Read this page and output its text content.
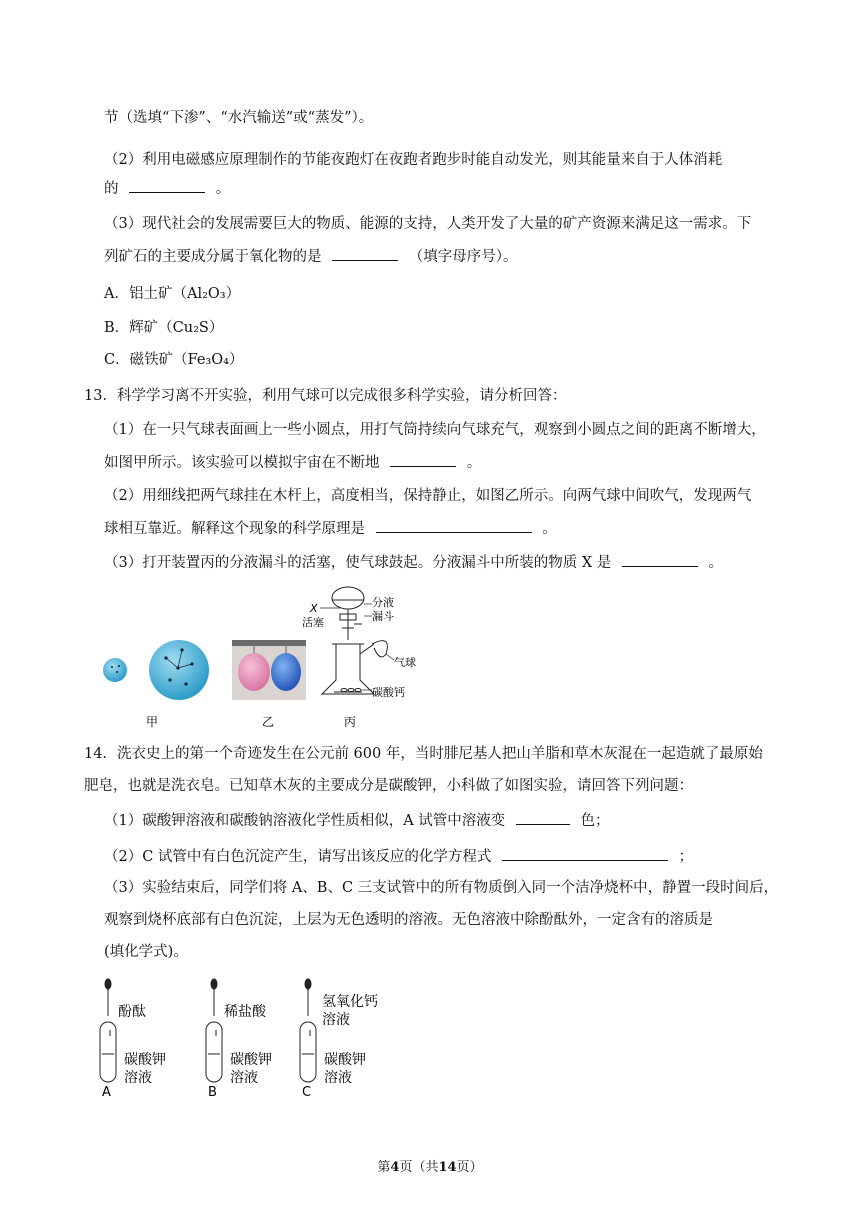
节（选填“下渗”、“水汽输送”或“蒸发”）。
（2）利用电磁感应原理制作的节能夜跑灯在夜跑者跑步时能自动发光，则其能量来自于人体消耗
的	。
（3）现代社会的发展需要巨大的物质、能源的支持，人类开发了大量的矿产资源来满足这一需求。下
列矿石的主要成分属于氧化物的是	（填字母序号）。
A．铝土矿（Al₂O₃）
B．辉矿（Cu₂S）
C．磁铁矿（Fe₃O₄）
13．科学学习离不开实验，利用气球可以完成很多科学实验，请分析回答：
（1）在一只气球表面画上一些小圆点，用打气筒持续向气球充气，观察到小圆点之间的距离不断增大，
如图甲所示。该实验可以模拟宇宙在不断地	。
（2）用细线把两气球挂在木杆上，高度相当，保持静止，如图乙所示。向两气球中间吹气，发现两气
球相互靠近。解释这个现象的科学原理是	。
（3）打开装置丙的分液漏斗的活塞，使气球鼓起。分液漏斗中所装的物质 X 是	。
X
活塞
分液
漏斗
气球
碳酸钙
甲	乙	丙
14．洗衣史上的第一个奇迹发生在公元前 600 年，当时腓尼基人把山羊脂和草木灰混在一起造就了最原始
肥皂，也就是洗衣皂。已知草木灰的主要成分是碳酸钾，小科做了如图实验，请回答下列问题：
（1）碳酸钾溶液和碳酸钠溶液化学性质相似，A 试管中溶液变	色；
（2）C 试管中有白色沉淀产生，请写出该反应的化学方程式	；
（3）实验结束后，同学们将 A、B、C 三支试管中的所有物质倒入同一个洁净烧杯中，静置一段时间后，
观察到烧杯底部有白色沉淀，上层为无色透明的溶液。无色溶液中除酚酞外，一定含有的溶质是
(填化学式)。
酚酞	稀盐酸
氢氧化钙
溶液
碳酸钾
溶液
碳酸钾
溶液
碳酸钾
溶液
A	B	C
第4页（共14页）
